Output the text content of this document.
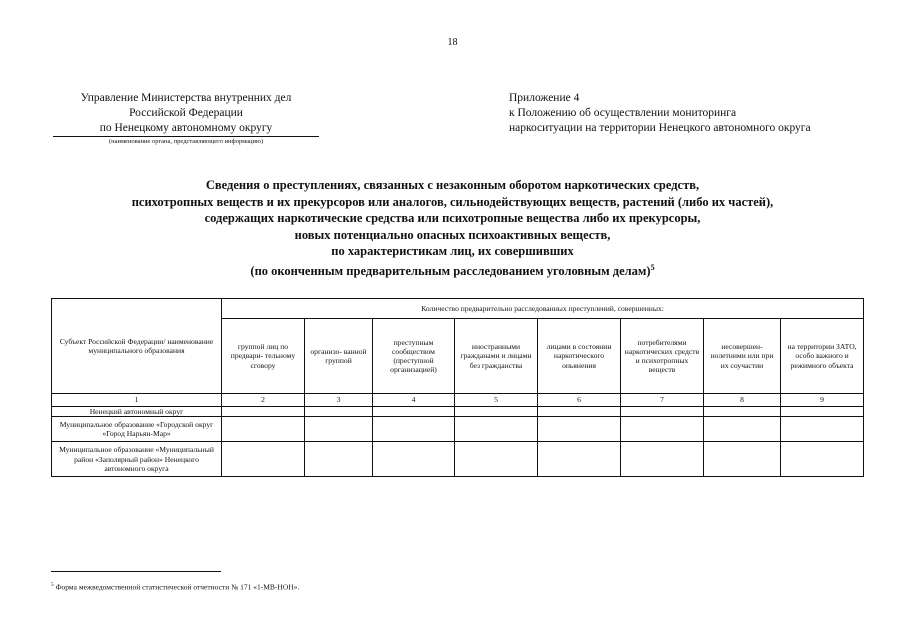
18
Управление Министерства внутренних дел
Российской Федерации
по Ненецкому автономному округу
(наименование органа, представляющего информацию)
Приложение 4
к Положению об осуществлении мониторинга
наркоситуации на территории Ненецкого автономного округа
Сведения о преступлениях, связанных с незаконным оборотом наркотических средств,
психотропных веществ и их прекурсоров или аналогов, сильнодействующих веществ, растений (либо их частей),
содержащих наркотические средства или психотропные вещества либо их прекурсоры,
новых потенциально опасных психоактивных веществ,
по характеристикам лиц, их совершивших
(по оконченным предварительным расследованием уголовным делам)$^5$
Субъект Российской Федерации/ наименование муниципального образования	Количество предварительно расследованных преступлений, совершенных:							
	группой лиц по предвари- тельному сговору	организо- ванной группой	преступным сообществом (преступной организацией)	иностранными гражданами и лицами без гражданства	лицами в состоянии наркотического опьянения	потребителями наркотических средств и психотропных веществ	несовершен- нолетними или при их соучастии	на территории ЗАТО, особо важного и режимного объекта
1	2	3	4	5	6	7	8	9
Ненецкий автономный округ								
Муниципальное образование «Городской округ «Город Нарьян-Мар»								
Муниципальное образование «Муниципальный район «Заполярный район» Ненецкого автономного округа								
$^5$ Форма межведомственной статистической отчетности № 171 «1-МВ-НОН».
